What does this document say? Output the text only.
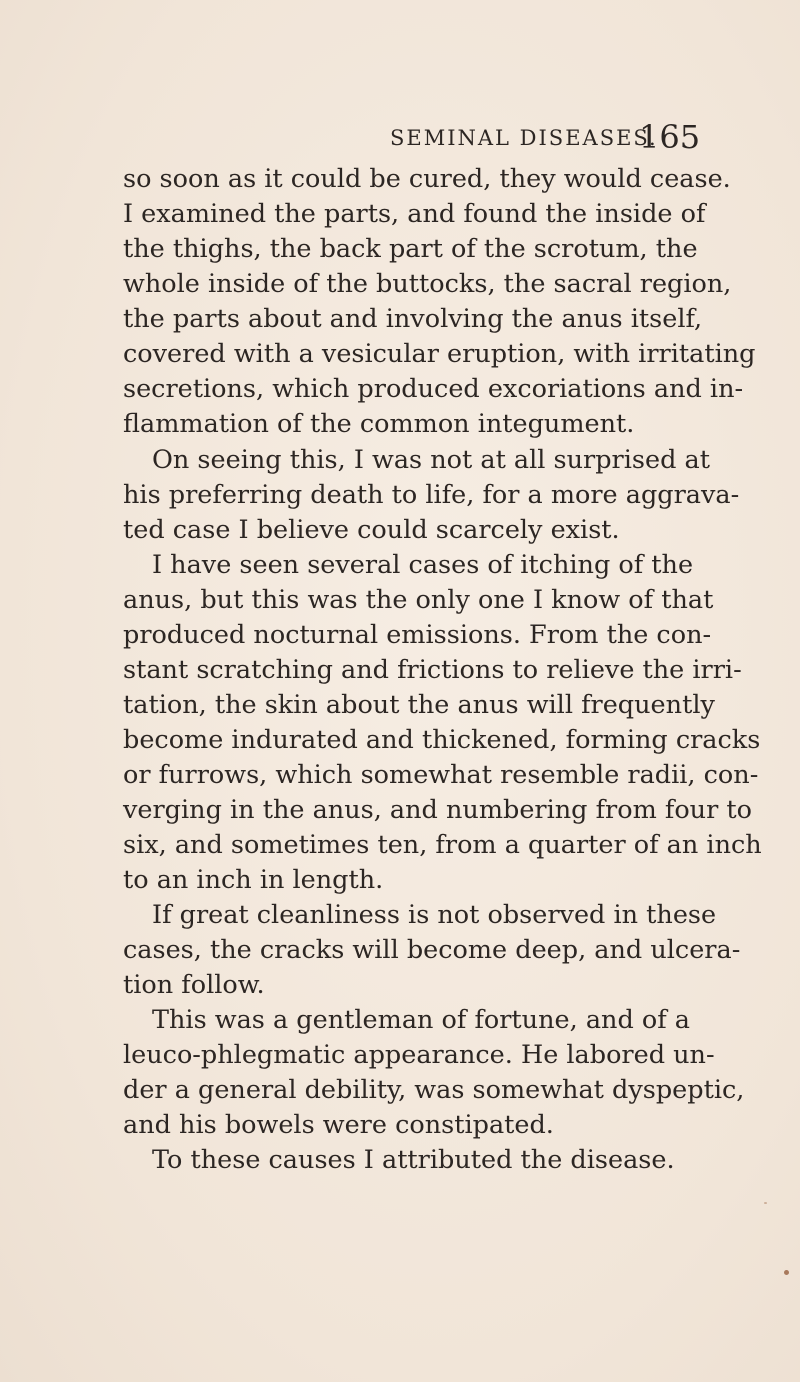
SEMINAL DISEASES.
165
so soon as it could be cured, they would cease.
I examined the parts, and found the inside of
the thighs, the back part of the scrotum, the
whole inside of the buttocks, the sacral region,
the parts about and involving the anus itself,
covered with a vesicular eruption, with irritating
secretions, which produced excoriations and in-
flammation of the common integument.
On seeing this, I was not at all surprised at
his preferring death to life, for a more aggrava-
ted case I believe could scarcely exist.
I have seen several cases of itching of the
anus, but this was the only one I know of that
produced nocturnal emissions. From the con-
stant scratching and frictions to relieve the irri-
tation, the skin about the anus will frequently
become indurated and thickened, forming cracks
or furrows, which somewhat resemble radii, con-
verging in the anus, and numbering from four to
six, and sometimes ten, from a quarter of an inch
to an inch in length.
If great cleanliness is not observed in these
cases, the cracks will become deep, and ulcera-
tion follow.
This was a gentleman of fortune, and of a
leuco-phlegmatic appearance. He labored un-
der a general debility, was somewhat dyspeptic,
and his bowels were constipated.
To these causes I attributed the disease.
